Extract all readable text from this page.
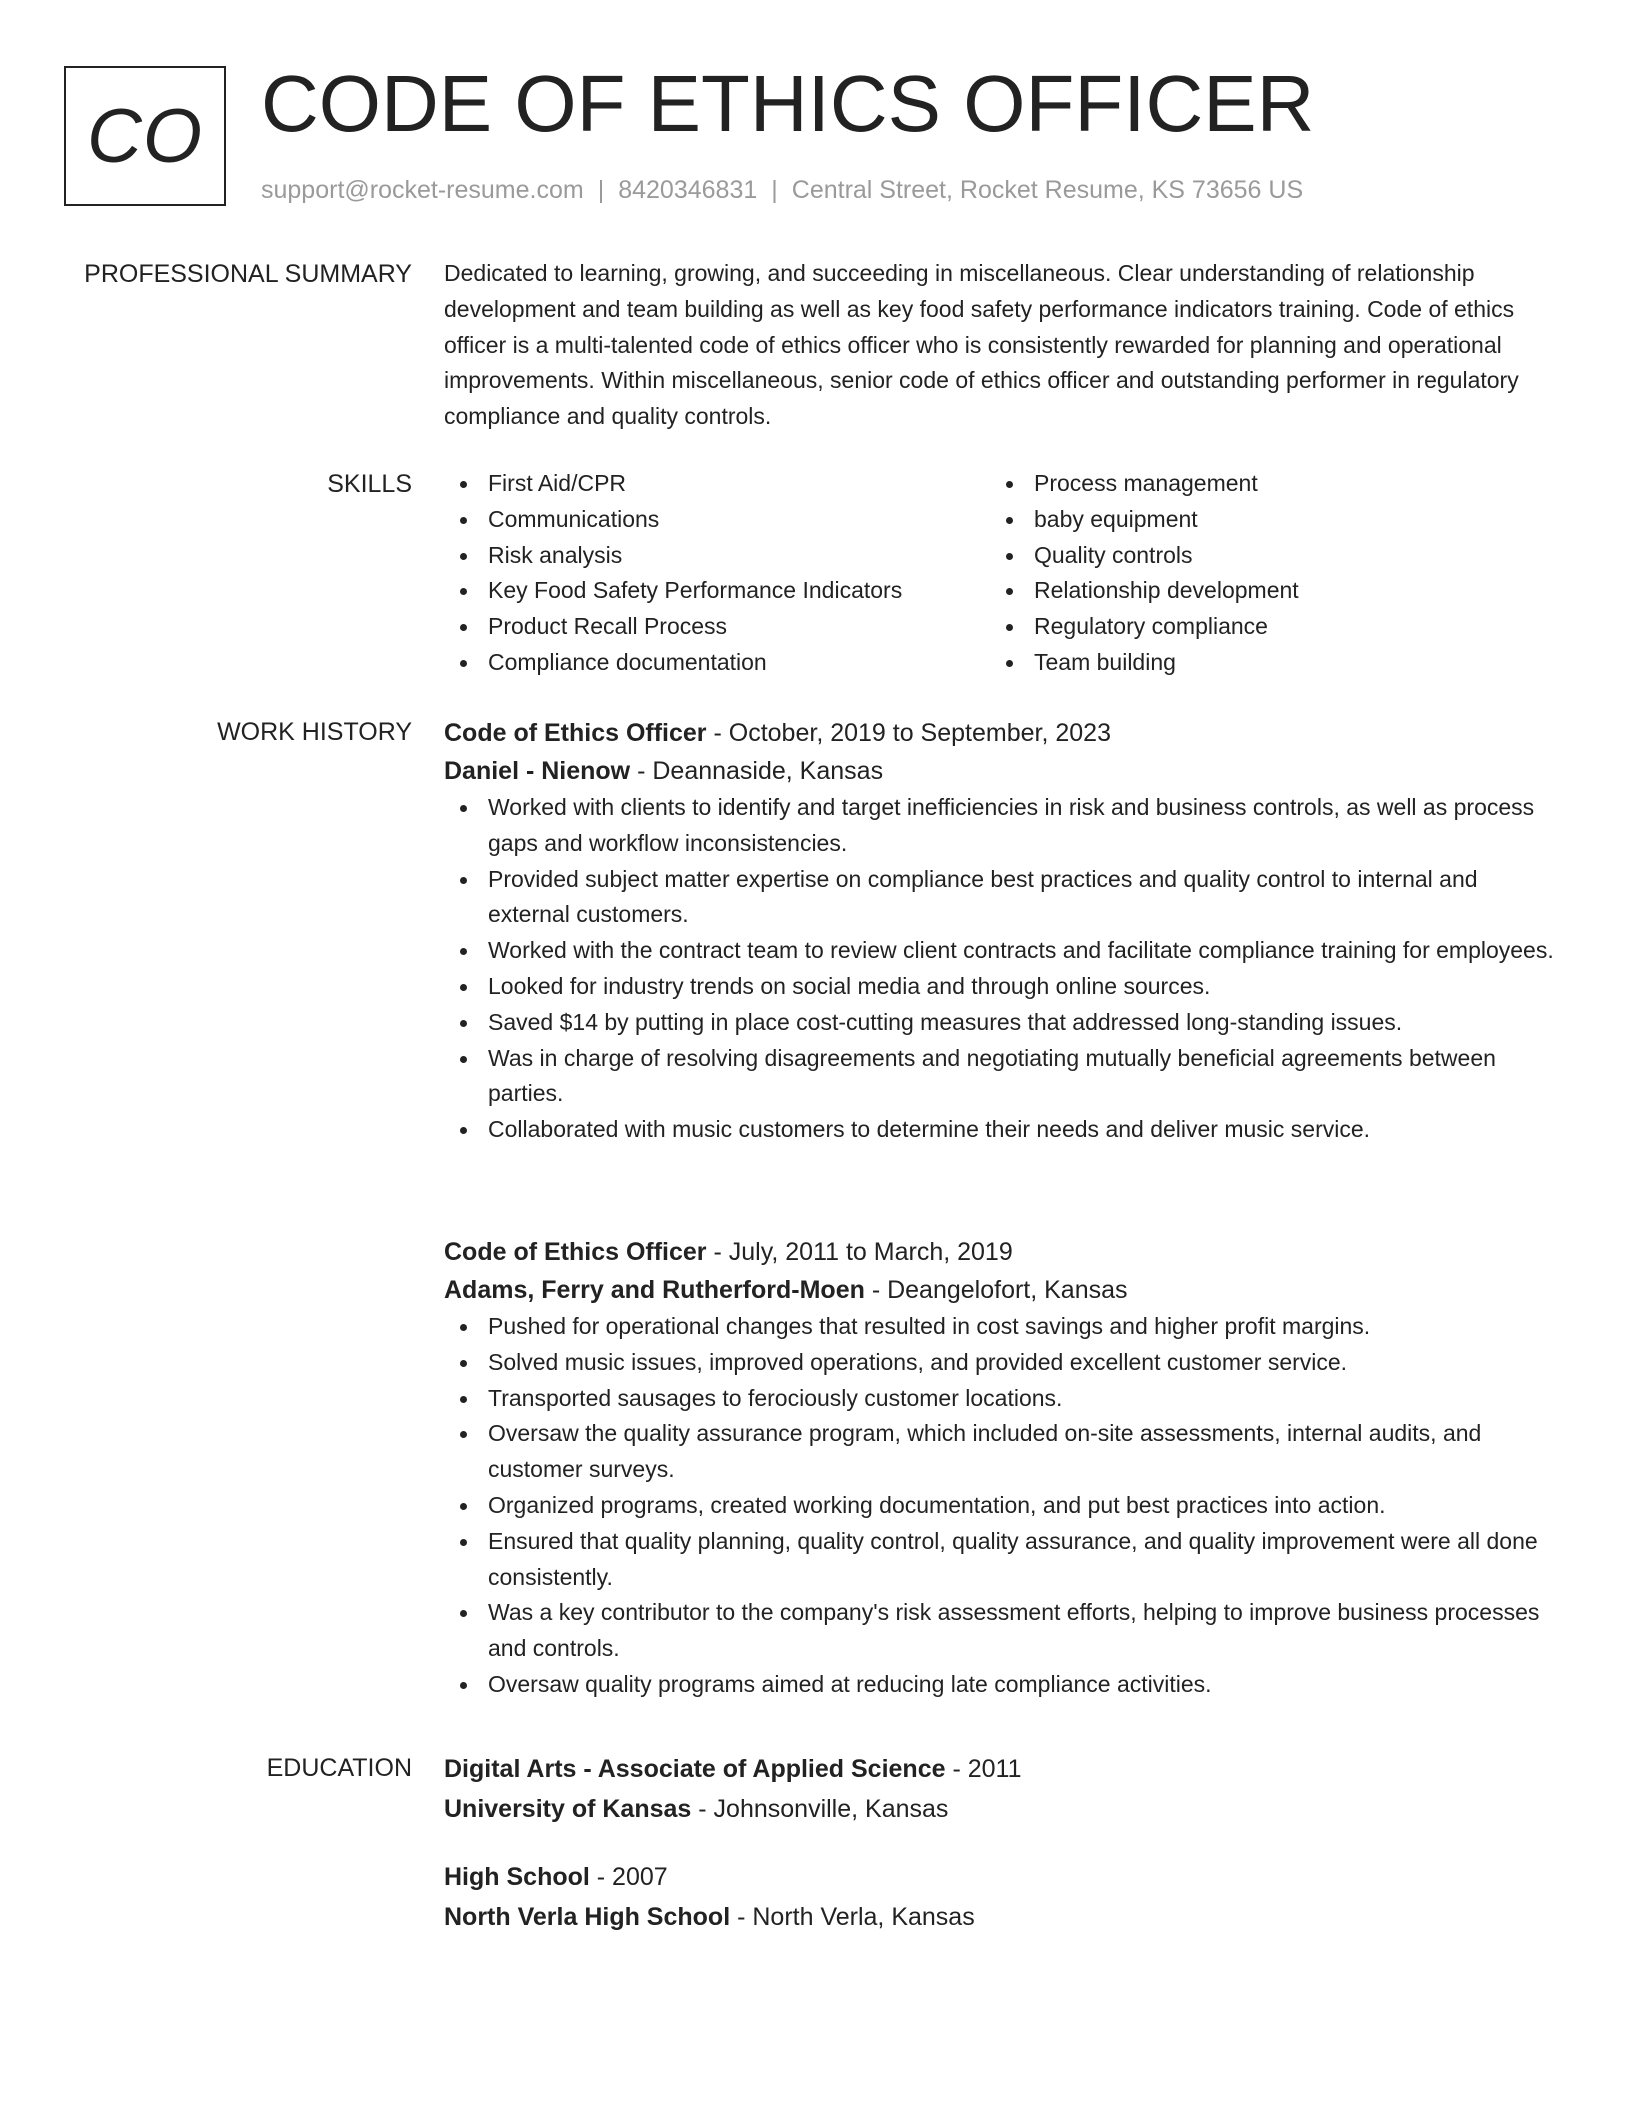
CO CODE OF ETHICS OFFICER
support@rocket-resume.com | 8420346831 | Central Street, Rocket Resume, KS 73656 US
PROFESSIONAL SUMMARY Dedicated to learning, growing, and succeeding in miscellaneous. Clear understanding of relationship development and team building as well as key food safety performance indicators training. Code of ethics officer is a multi-talented code of ethics officer who is consistently rewarded for planning and operational improvements. Within miscellaneous, senior code of ethics officer and outstanding performer in regulatory compliance and quality controls.

SKILLS	First Aid/CPR
Communications
Risk analysis
Key Food Safety Performance Indicators
Product Recall Process
Compliance documentation
Process management
baby equipment
Quality controls
Relationship development
Regulatory compliance
Team building
WORK HISTORY Code of Ethics Officer - October, 2019 to September, 2023
Daniel - Nienow - Deannaside, Kansas
Worked with clients to identify and target inefficiencies in risk and business controls, as well as process gaps and workflow inconsistencies.
Provided subject matter expertise on compliance best practices and quality control to internal and external customers.
Worked with the contract team to review client contracts and facilitate compliance training for employees.
Looked for industry trends on social media and through online sources.
Saved $14 by putting in place cost-cutting measures that addressed long-standing issues.
Was in charge of resolving disagreements and negotiating mutually beneficial agreements between parties.
Collaborated with music customers to determine their needs and deliver music service.
Code of Ethics Officer - July, 2011 to March, 2019
Adams, Ferry and Rutherford-Moen - Deangelofort, Kansas
Pushed for operational changes that resulted in cost savings and higher profit margins.
Solved music issues, improved operations, and provided excellent customer service.
Transported sausages to ferociously customer locations.
Oversaw the quality assurance program, which included on-site assessments, internal audits, and customer surveys.
Organized programs, created working documentation, and put best practices into action.
Ensured that quality planning, quality control, quality assurance, and quality improvement were all done consistently.
Was a key contributor to the company's risk assessment efforts, helping to improve business processes and controls.
Oversaw quality programs aimed at reducing late compliance activities.
EDUCATION Digital Arts - Associate of Applied Science - 2011
University of Kansas - Johnsonville, Kansas
High School - 2007
North Verla High School - North Verla, Kansas
